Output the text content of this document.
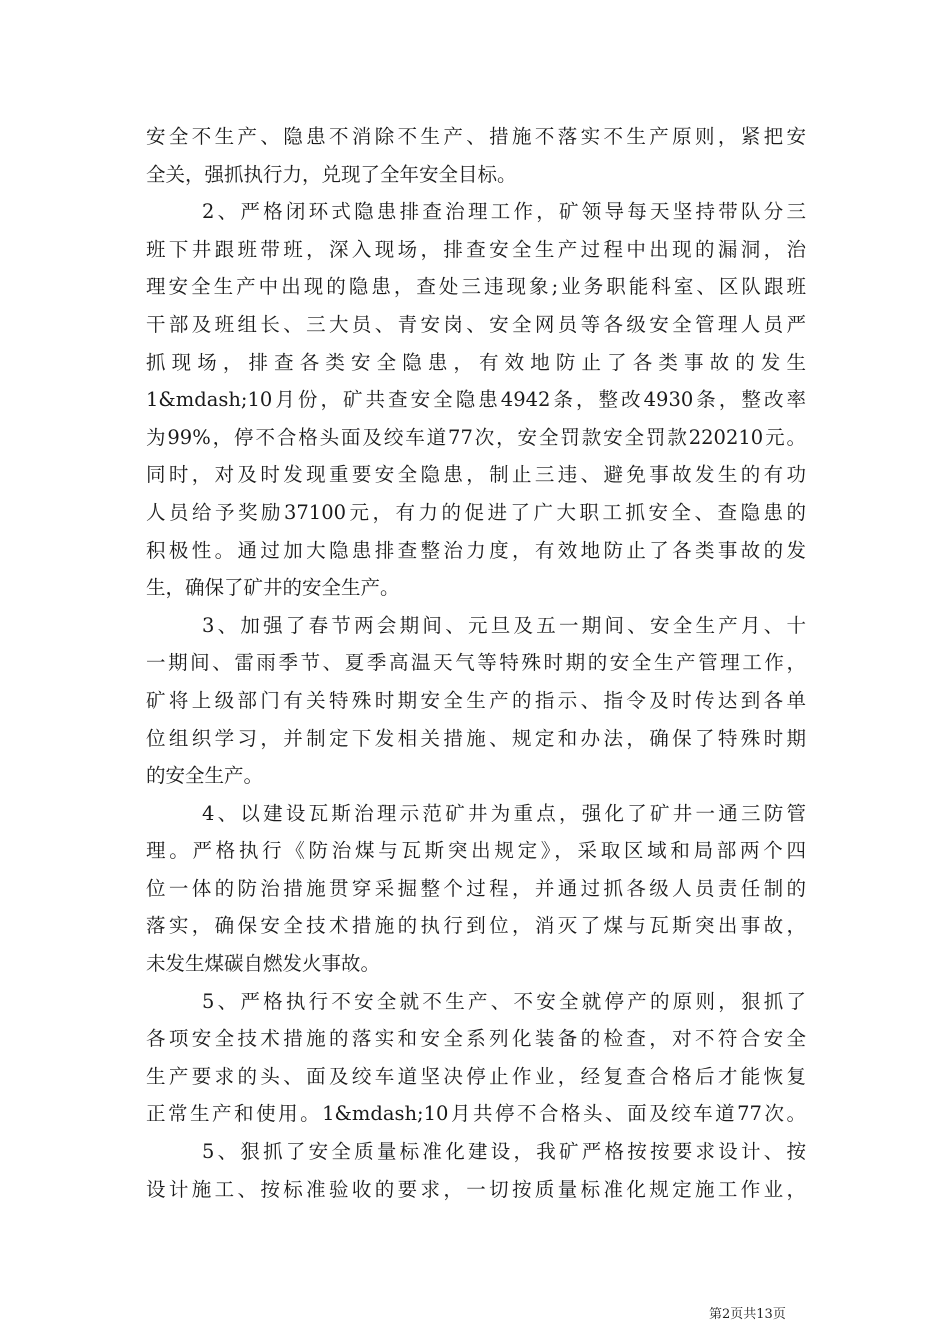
安全不生产、隐患不消除不生产、措施不落实不生产原则，紧把安
全关，强抓执行力，兑现了全年安全目标。
2、严格闭环式隐患排查治理工作，矿领导每天坚持带队分三
班下井跟班带班，深入现场，排查安全生产过程中出现的漏洞，治
理安全生产中出现的隐患，查处三违现象;业务职能科室、区队跟班
干部及班组长、三大员、青安岗、安全网员等各级安全管理人员严
抓现场，排查各类安全隐患，有效地防止了各类事故的发生
1&mdash;10月份，矿共查安全隐患4942条，整改4930条，整改率
为99%，停不合格头面及绞车道77次，安全罚款安全罚款220210元。
同时，对及时发现重要安全隐患，制止三违、避免事故发生的有功
人员给予奖励37100元，有力的促进了广大职工抓安全、查隐患的
积极性。通过加大隐患排查整治力度，有效地防止了各类事故的发
生，确保了矿井的安全生产。
3、加强了春节两会期间、元旦及五一期间、安全生产月、十
一期间、雷雨季节、夏季高温天气等特殊时期的安全生产管理工作，
矿将上级部门有关特殊时期安全生产的指示、指令及时传达到各单
位组织学习，并制定下发相关措施、规定和办法，确保了特殊时期
的安全生产。
4、以建设瓦斯治理示范矿井为重点，强化了矿井一通三防管
理。严格执行《防治煤与瓦斯突出规定》，采取区域和局部两个四
位一体的防治措施贯穿采掘整个过程，并通过抓各级人员责任制的
落实，确保安全技术措施的执行到位，消灭了煤与瓦斯突出事故，
未发生煤碳自燃发火事故。
5、严格执行不安全就不生产、不安全就停产的原则，狠抓了
各项安全技术措施的落实和安全系列化装备的检查，对不符合安全
生产要求的头、面及绞车道坚决停止作业，经复查合格后才能恢复
正常生产和使用。1&mdash;10月共停不合格头、面及绞车道77次。
5、狠抓了安全质量标准化建设，我矿严格按按要求设计、按
设计施工、按标准验收的要求，一切按质量标准化规定施工作业，
第2页共13页
